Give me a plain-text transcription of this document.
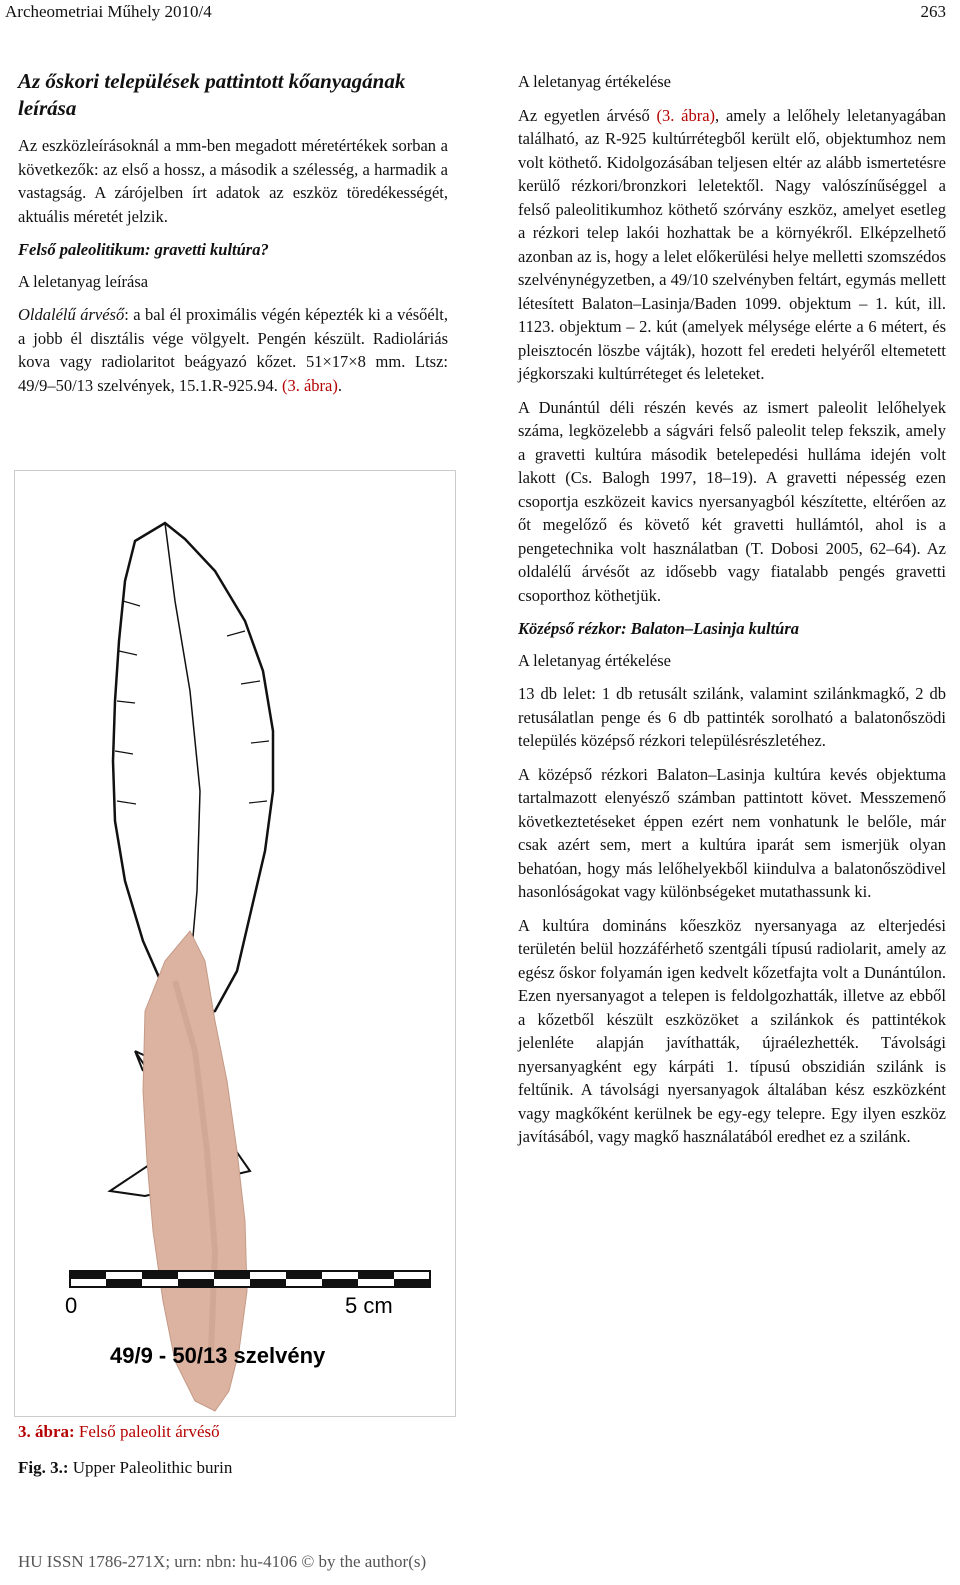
Archeometriai Műhely 2010/4	263

Az őskori települések pattintott kőanyagának leírása

Az eszközleírásoknál a mm-ben megadott méretértékek sorban a következők: az első a hossz, a második a szélesség, a harmadik a vastagság. A zárójelben írt adatok az eszköz töredékességét, aktuális méretét jelzik.

Felső paleolitikum: gravetti kultúra?

A leletanyag leírása

Oldalélű árvéső: a bal él proximális végén képezték ki a vésőélt, a jobb él disztális vége völgyelt. Pengén készült. Radioláriás kova vagy radiolaritot beágyazó kőzet. 51×17×8 mm. Ltsz: 49/9–50/13 szelvények, 15.1.R-925.94. (3. ábra).

0	5 cm
49/9 - 50/13 szelvény
3. ábra: Felső paleolit árvéső
Fig. 3.: Upper Paleolithic burin

A leletanyag értékelése

Az egyetlen árvéső (3. ábra), amely a lelőhely leletanyagában található, az R-925 kultúrrétegből került elő, objektumhoz nem volt köthető. Kidolgozásában teljesen eltér az alább ismertetésre kerülő rézkori/bronzkori leletektől. Nagy valószínűséggel a felső paleolitikumhoz köthető szórvány eszköz, amelyet esetleg a rézkori telep lakói hozhattak be a környékről. Elképzelhető azonban az is, hogy a lelet előkerülési helye melletti szomszédos szelvénynégyzetben, a 49/10 szelvényben feltárt, egymás mellett létesített Balaton–Lasinja/Baden 1099. objektum – 1. kút, ill. 1123. objektum – 2. kút (amelyek mélysége elérte a 6 métert, és pleisztocén löszbe vájták), hozott fel eredeti helyéről eltemetett jégkorszaki kultúrréteget és leleteket.

A Dunántúl déli részén kevés az ismert paleolit lelőhelyek száma, legközelebb a ságvári felső paleolit telep fekszik, amely a gravetti kultúra második betelepedési hulláma idején volt lakott (Cs. Balogh 1997, 18–19). A gravetti népesség ezen csoportja eszközeit kavics nyersanyagból készítette, eltérően az őt megelőző és követő két gravetti hullámtól, ahol is a pengetechnika volt használatban (T. Dobosi 2005, 62–64). Az oldalélű árvésőt az idősebb vagy fiatalabb pengés gravetti csoporthoz köthetjük.

Középső rézkor: Balaton–Lasinja kultúra

A leletanyag értékelése

13 db lelet: 1 db retusált szilánk, valamint szilánkmagkő, 2 db retusálatlan penge és 6 db pattinték sorolható a balatonőszödi település középső rézkori településrészletéhez.

A középső rézkori Balaton–Lasinja kultúra kevés objektuma tartalmazott elenyésző számban pattintott követ. Messzemenő következtetéseket éppen ezért nem vonhatunk le belőle, már csak azért sem, mert a kultúra iparát sem ismerjük olyan behatóan, hogy más lelőhelyekből kiindulva a balatonőszödivel hasonlóságokat vagy különbségeket mutathassunk ki.

A kultúra domináns kőeszköz nyersanyaga az elterjedési területén belül hozzáférhető szentgáli típusú radiolarit, amely az egész őskor folyamán igen kedvelt kőzetfajta volt a Dunántúlon. Ezen nyersanyagot a telepen is feldolgozhatták, illetve az ebből a kőzetből készült eszközöket a szilánkok és pattintékok jelenléte alapján javíthatták, újraélezhették. Távolsági nyersanyagként egy kárpáti 1. típusú obszidián szilánk is feltűnik. A távolsági nyersanyagok általában kész eszközként vagy magkőként kerülnek be egy-egy telepre. Egy ilyen eszköz javításából, vagy magkő használatából eredhet ez a szilánk.

HU ISSN 1786-271X; urn: nbn: hu-4106 © by the author(s)
